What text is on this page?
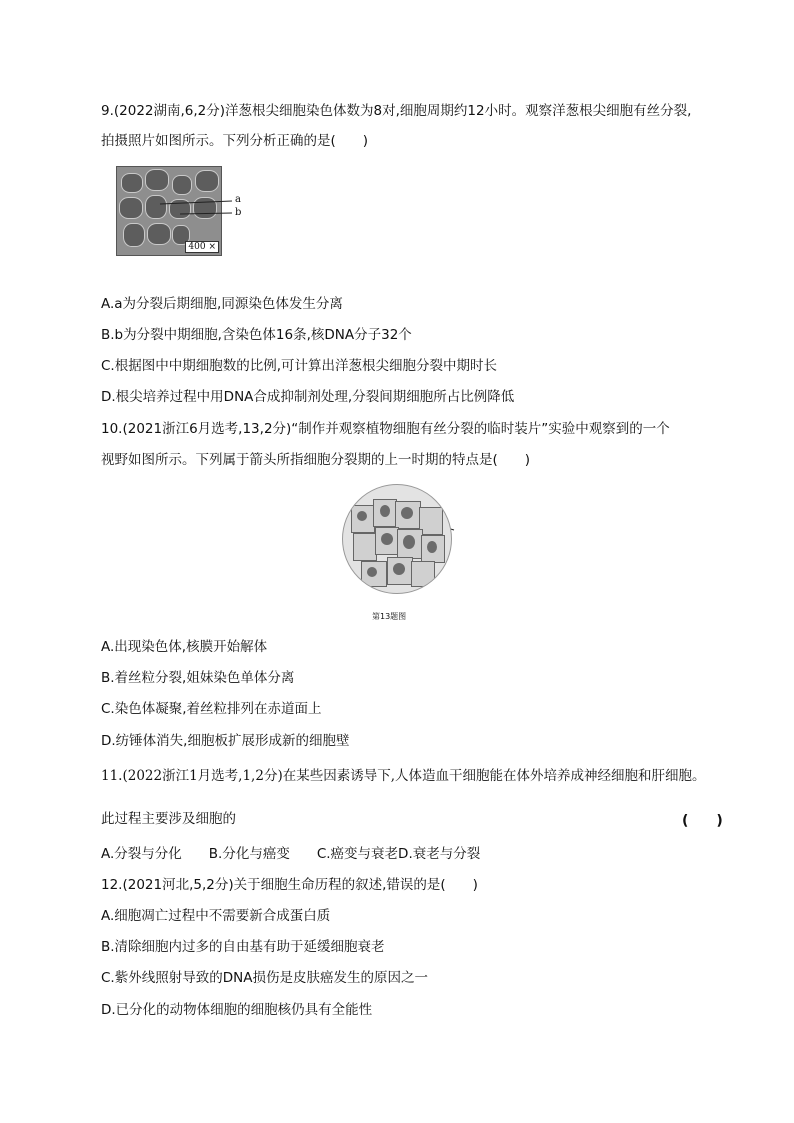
9.(2022湖南,6,2分)洋葱根尖细胞染色体数为8对,细胞周期约12小时。观察洋葱根尖细胞有丝分裂,
拍摄照片如图所示。下列分析正确的是(　　)
400 ×
a
b
A.a为分裂后期细胞,同源染色体发生分离
B.b为分裂中期细胞,含染色体16条,核DNA分子32个
C.根据图中中期细胞数的比例,可计算出洋葱根尖细胞分裂中期时长
D.根尖培养过程中用DNA合成抑制剂处理,分裂间期细胞所占比例降低
10.(2021浙江6月选考,13,2分)“制作并观察植物细胞有丝分裂的临时装片”实验中观察到的一个
视野如图所示。下列属于箭头所指细胞分裂期的上一时期的特点是(　　)
第13题图
A.出现染色体,核膜开始解体
B.着丝粒分裂,姐妹染色单体分离
C.染色体凝聚,着丝粒排列在赤道面上
D.纺锤体消失,细胞板扩展形成新的细胞壁
11.(2022浙江1月选考,1,2分)在某些因素诱导下,人体造血干细胞能在体外培养成神经细胞和肝细胞。
此过程主要涉及细胞的	(　　)
A.分裂与分化　　B.分化与癌变　　C.癌变与衰老D.衰老与分裂
12.(2021河北,5,2分)关于细胞生命历程的叙述,错误的是(　　)
A.细胞凋亡过程中不需要新合成蛋白质
B.清除细胞内过多的自由基有助于延缓细胞衰老
C.紫外线照射导致的DNA损伤是皮肤癌发生的原因之一
D.已分化的动物体细胞的细胞核仍具有全能性
